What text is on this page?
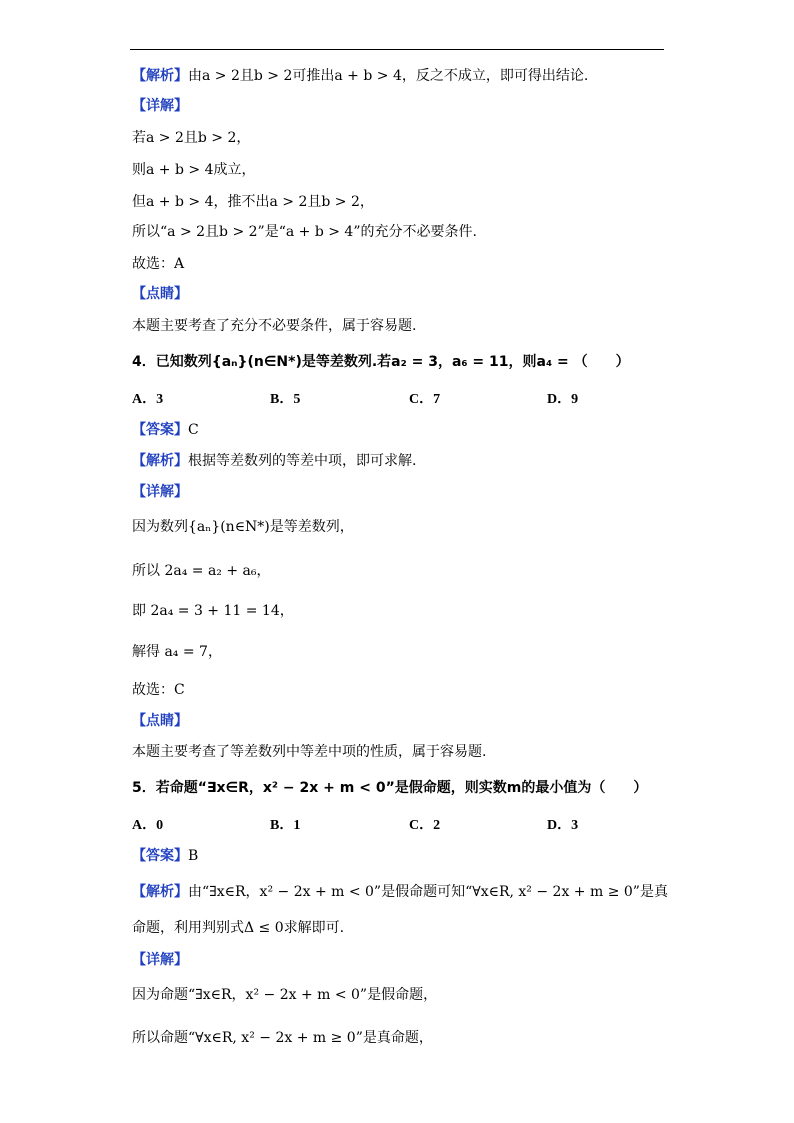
【解析】由a > 2且b > 2可推出a + b > 4，反之不成立，即可得出结论.
【详解】
若a > 2且b > 2，
则a + b > 4成立，
但a + b > 4，推不出a > 2且b > 2，
所以“a > 2且b > 2”是“a + b > 4”的充分不必要条件.
故选：A
【点睛】
本题主要考查了充分不必要条件，属于容易题.
4．已知数列{aₙ}(n∈N*)是等差数列.若a₂ = 3，a₆ = 11，则a₄ = （　　）
A．3	B．5	C．7	D．9
【答案】C
【解析】根据等差数列的等差中项，即可求解.
【详解】
因为数列{aₙ}(n∈N*)是等差数列，
所以 2a₄ = a₂ + a₆，
即 2a₄ = 3 + 11 = 14，
解得 a₄ = 7，
故选：C
【点睛】
本题主要考查了等差数列中等差中项的性质，属于容易题.
5．若命题“∃x∈R，x² − 2x + m < 0”是假命题，则实数m的最小值为（　　）
A．0	B．1	C．2	D．3
【答案】B
【解析】由“∃x∈R，x² − 2x + m < 0”是假命题可知“∀x∈R, x² − 2x + m ≥ 0”是真
命题，利用判别式Δ ≤ 0求解即可.
【详解】
因为命题“∃x∈R，x² − 2x + m < 0”是假命题，
所以命题“∀x∈R, x² − 2x + m ≥ 0”是真命题，
